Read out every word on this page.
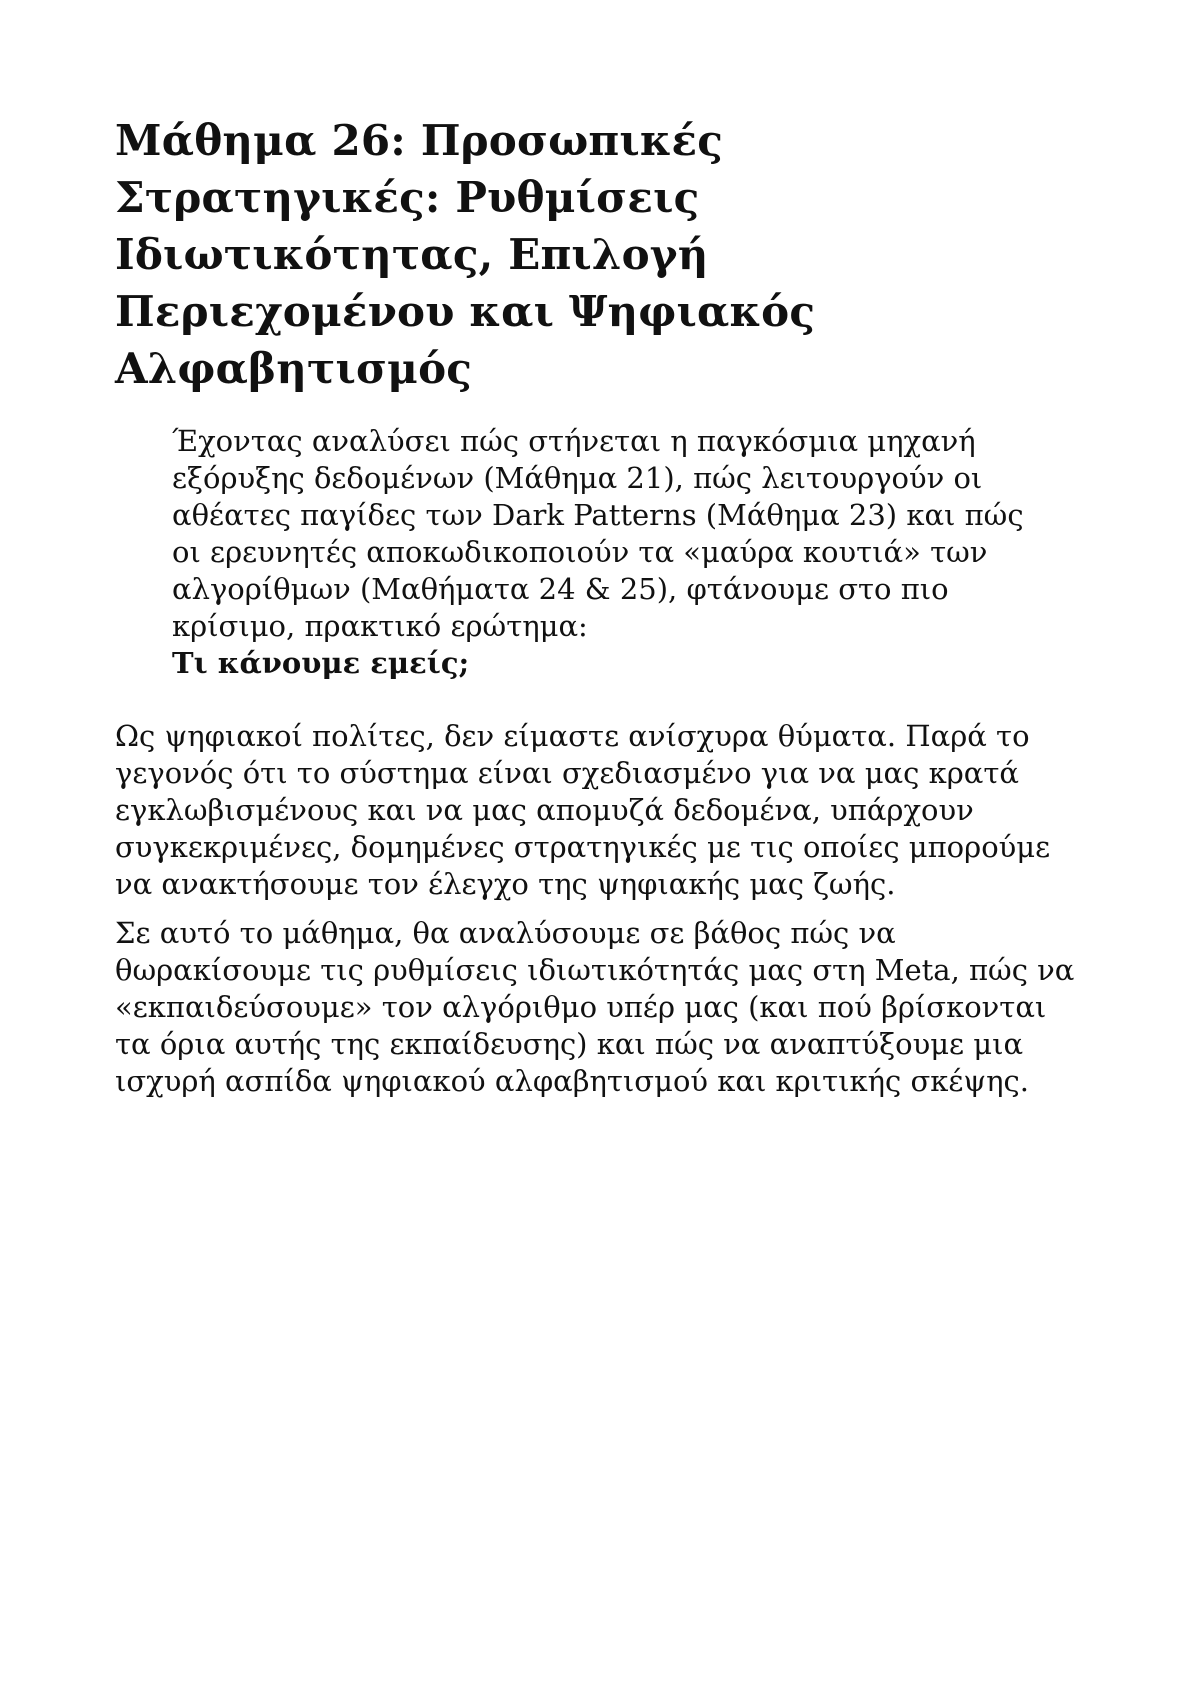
Μάθημα 26: Προσωπικές Στρατηγικές: Ρυθμίσεις Ιδιωτικότητας, Επιλογή Περιεχομένου και Ψηφιακός Αλφαβητισμός
Έχοντας αναλύσει πώς στήνεται η παγκόσμια μηχανή εξόρυξης δεδομένων (Μάθημα 21), πώς λειτουργούν οι αθέατες παγίδες των Dark Patterns (Μάθημα 23) και πώς οι ερευνητές αποκωδικοποιούν τα «μαύρα κουτιά» των αλγορίθμων (Μαθήματα 24 & 25), φτάνουμε στο πιο κρίσιμο, πρακτικό ερώτημα:
Τι κάνουμε εμείς;

Ως ψηφιακοί πολίτες, δεν είμαστε ανίσχυρα θύματα. Παρά το γεγονός ότι το σύστημα είναι σχεδιασμένο για να μας κρατά εγκλωβισμένους και να μας απομυζά δεδομένα, υπάρχουν συγκεκριμένες, δομημένες στρατηγικές με τις οποίες μπορούμε να ανακτήσουμε τον έλεγχο της ψηφιακής μας ζωής.

Σε αυτό το μάθημα, θα αναλύσουμε σε βάθος πώς να θωρακίσουμε τις ρυθμίσεις ιδιωτικότητάς μας στη Meta, πώς να «εκπαιδεύσουμε» τον αλγόριθμο υπέρ μας (και πού βρίσκονται τα όρια αυτής της εκπαίδευσης) και πώς να αναπτύξουμε μια ισχυρή ασπίδα ψηφιακού αλφαβητισμού και κριτικής σκέψης.
